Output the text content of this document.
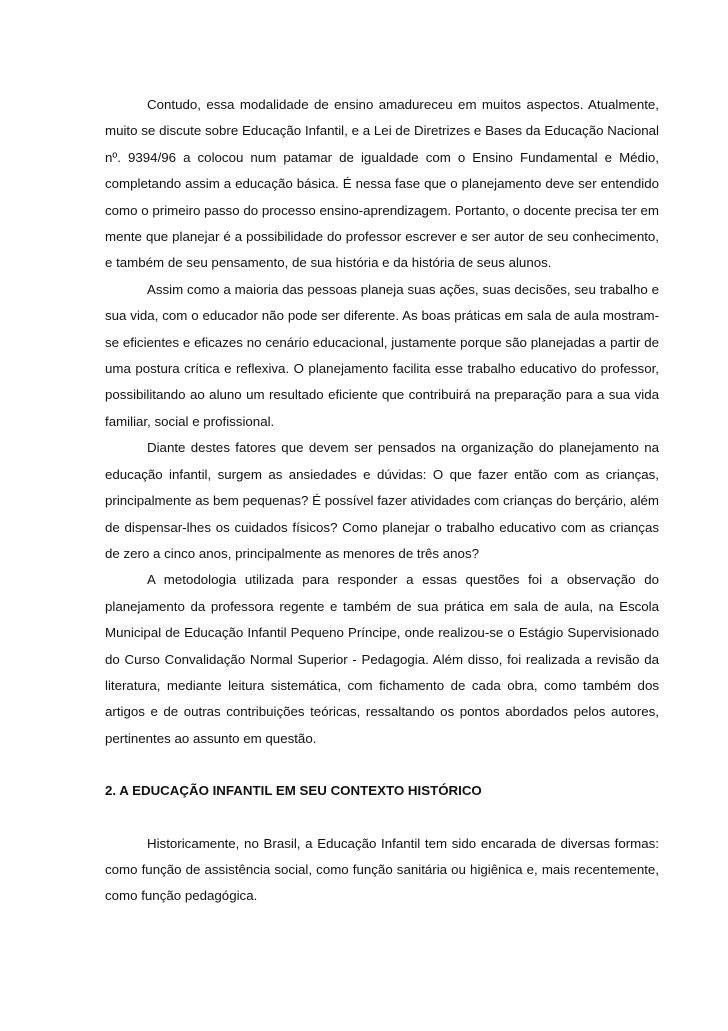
Contudo, essa modalidade de ensino amadureceu em muitos aspectos. Atualmente, muito se discute sobre Educação Infantil, e a Lei de Diretrizes e Bases da Educação Nacional nº. 9394/96 a colocou num patamar de igualdade com o Ensino Fundamental e Médio, completando assim a educação básica. É nessa fase que o planejamento deve ser entendido como o primeiro passo do processo ensino-aprendizagem. Portanto, o docente precisa ter em mente que planejar é a possibilidade do professor escrever e ser autor de seu conhecimento, e também de seu pensamento, de sua história e da história de seus alunos.

Assim como a maioria das pessoas planeja suas ações, suas decisões, seu trabalho e sua vida, com o educador não pode ser diferente. As boas práticas em sala de aula mostram-se eficientes e eficazes no cenário educacional, justamente porque são planejadas a partir de uma postura crítica e reflexiva. O planejamento facilita esse trabalho educativo do professor, possibilitando ao aluno um resultado eficiente que contribuirá na preparação para a sua vida familiar, social e profissional.

Diante destes fatores que devem ser pensados na organização do planejamento na educação infantil, surgem as ansiedades e dúvidas: O que fazer então com as crianças, principalmente as bem pequenas? É possível fazer atividades com crianças do berçário, além de dispensar-lhes os cuidados físicos? Como planejar o trabalho educativo com as crianças de zero a cinco anos, principalmente as menores de três anos?

A metodologia utilizada para responder a essas questões foi a observação do planejamento da professora regente e também de sua prática em sala de aula, na Escola Municipal de Educação Infantil Pequeno Príncipe, onde realizou-se o Estágio Supervisionado do Curso Convalidação Normal Superior - Pedagogia. Além disso, foi realizada a revisão da literatura, mediante leitura sistemática, com fichamento de cada obra, como também dos artigos e de outras contribuições teóricas, ressaltando os pontos abordados pelos autores, pertinentes ao assunto em questão.

2. A EDUCAÇÃO INFANTIL EM SEU CONTEXTO HISTÓRICO

Historicamente, no Brasil, a Educação Infantil tem sido encarada de diversas formas: como função de assistência social, como função sanitária ou higiênica e, mais recentemente, como função pedagógica.
